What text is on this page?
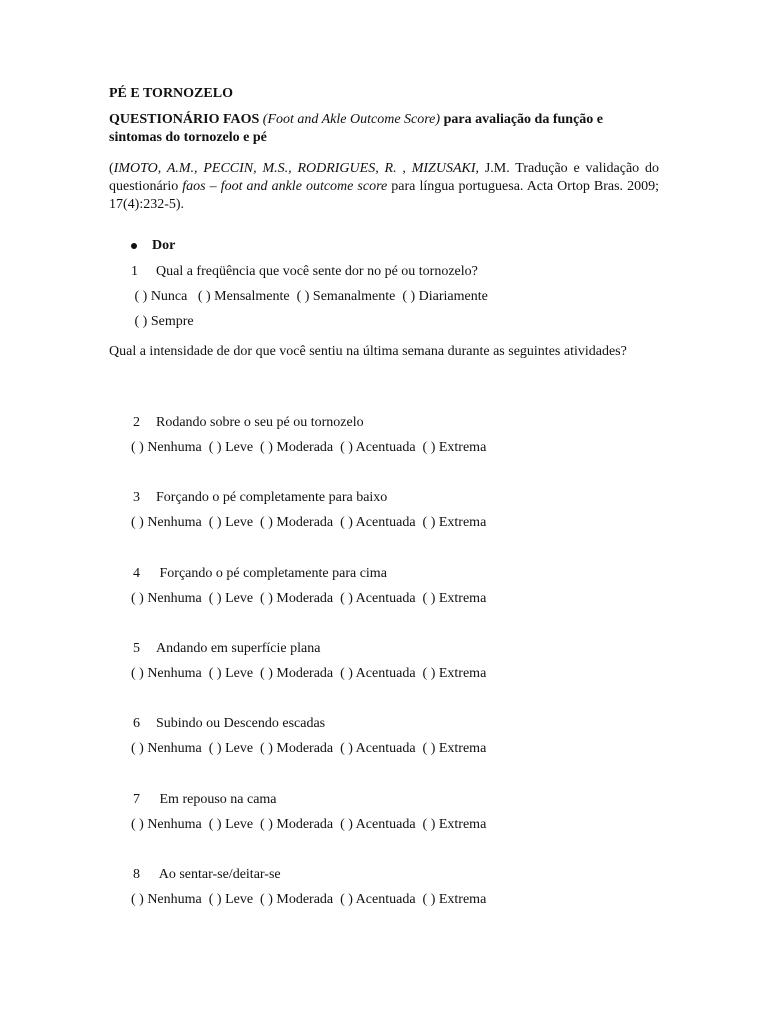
PÉ E TORNOZELO
QUESTIONÁRIO FAOS (Foot and Akle Outcome Score) para avaliação da função e sintomas do tornozelo e pé
(IMOTO, A.M., PECCIN, M.S., RODRIGUES, R. , MIZUSAKI, J.M. Tradução e validação do questionário faos – foot and ankle outcome score para língua portuguesa. Acta Ortop Bras. 2009; 17(4):232-5).
Dor
1 Qual a freqüência que você sente dor no pé ou tornozelo?
( ) Nunca   ( ) Mensalmente  ( ) Semanalmente  ( ) Diariamente
( ) Sempre
Qual a intensidade de dor que você sentiu na última semana durante as seguintes atividades?
2 Rodando sobre o seu pé ou tornozelo
( ) Nenhuma  ( ) Leve  ( ) Moderada  ( ) Acentuada  ( ) Extrema
3 Forçando o pé completamente para baixo
( ) Nenhuma  ( ) Leve  ( ) Moderada  ( ) Acentuada  ( ) Extrema
4 Forçando o pé completamente para cima
( ) Nenhuma  ( ) Leve  ( ) Moderada  ( ) Acentuada  ( ) Extrema
5 Andando em superfície plana
( ) Nenhuma  ( ) Leve  ( ) Moderada  ( ) Acentuada  ( ) Extrema
6 Subindo ou Descendo escadas
( ) Nenhuma  ( ) Leve  ( ) Moderada  ( ) Acentuada  ( ) Extrema
7 Em repouso na cama
( ) Nenhuma  ( ) Leve  ( ) Moderada  ( ) Acentuada  ( ) Extrema
8 Ao sentar-se/deitar-se
( ) Nenhuma  ( ) Leve  ( ) Moderada  ( ) Acentuada  ( ) Extrema
